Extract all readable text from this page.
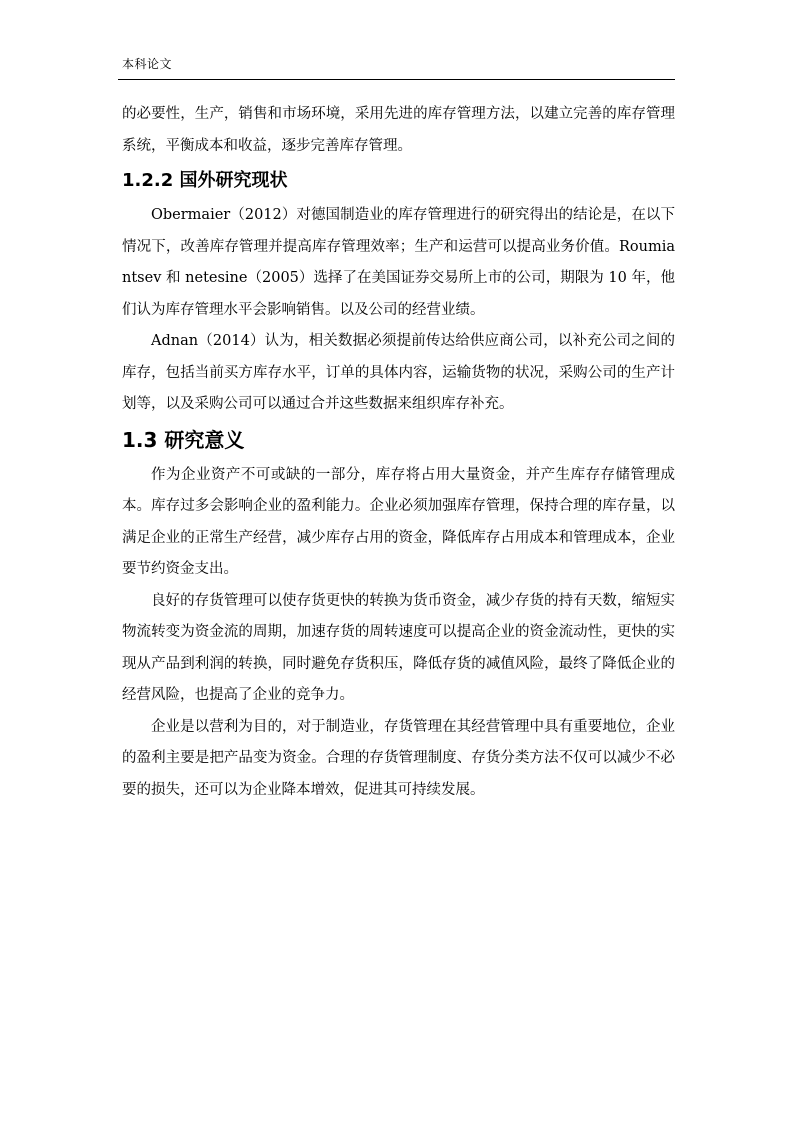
本科论文

的必要性，生产，销售和市场环境，采用先进的库存管理方法，以建立完善的库存管理系统，平衡成本和收益，逐步完善库存管理。

1.2.2 国外研究现状

Obermaier（2012）对德国制造业的库存管理进行的研究得出的结论是，在以下情况下，改善库存管理并提高库存管理效率；生产和运营可以提高业务价值。Roumiantsev 和 netesine（2005）选择了在美国证券交易所上市的公司，期限为 10 年，他们认为库存管理水平会影响销售。以及公司的经营业绩。

Adnan（2014）认为，相关数据必须提前传达给供应商公司，以补充公司之间的库存，包括当前买方库存水平，订单的具体内容，运输货物的状况，采购公司的生产计划等，以及采购公司可以通过合并这些数据来组织库存补充。

1.3 研究意义

作为企业资产不可或缺的一部分，库存将占用大量资金，并产生库存存储管理成本。库存过多会影响企业的盈利能力。企业必须加强库存管理，保持合理的库存量，以满足企业的正常生产经营，减少库存占用的资金，降低库存占用成本和管理成本，企业要节约资金支出。

良好的存货管理可以使存货更快的转换为货币资金，减少存货的持有天数，缩短实物流转变为资金流的周期，加速存货的周转速度可以提高企业的资金流动性，更快的实现从产品到利润的转换，同时避免存货积压，降低存货的减值风险，最终了降低企业的经营风险，也提高了企业的竞争力。

企业是以营利为目的，对于制造业，存货管理在其经营管理中具有重要地位，企业的盈利主要是把产品变为资金。合理的存货管理制度、存货分类方法不仅可以减少不必要的损失，还可以为企业降本增效，促进其可持续发展。
